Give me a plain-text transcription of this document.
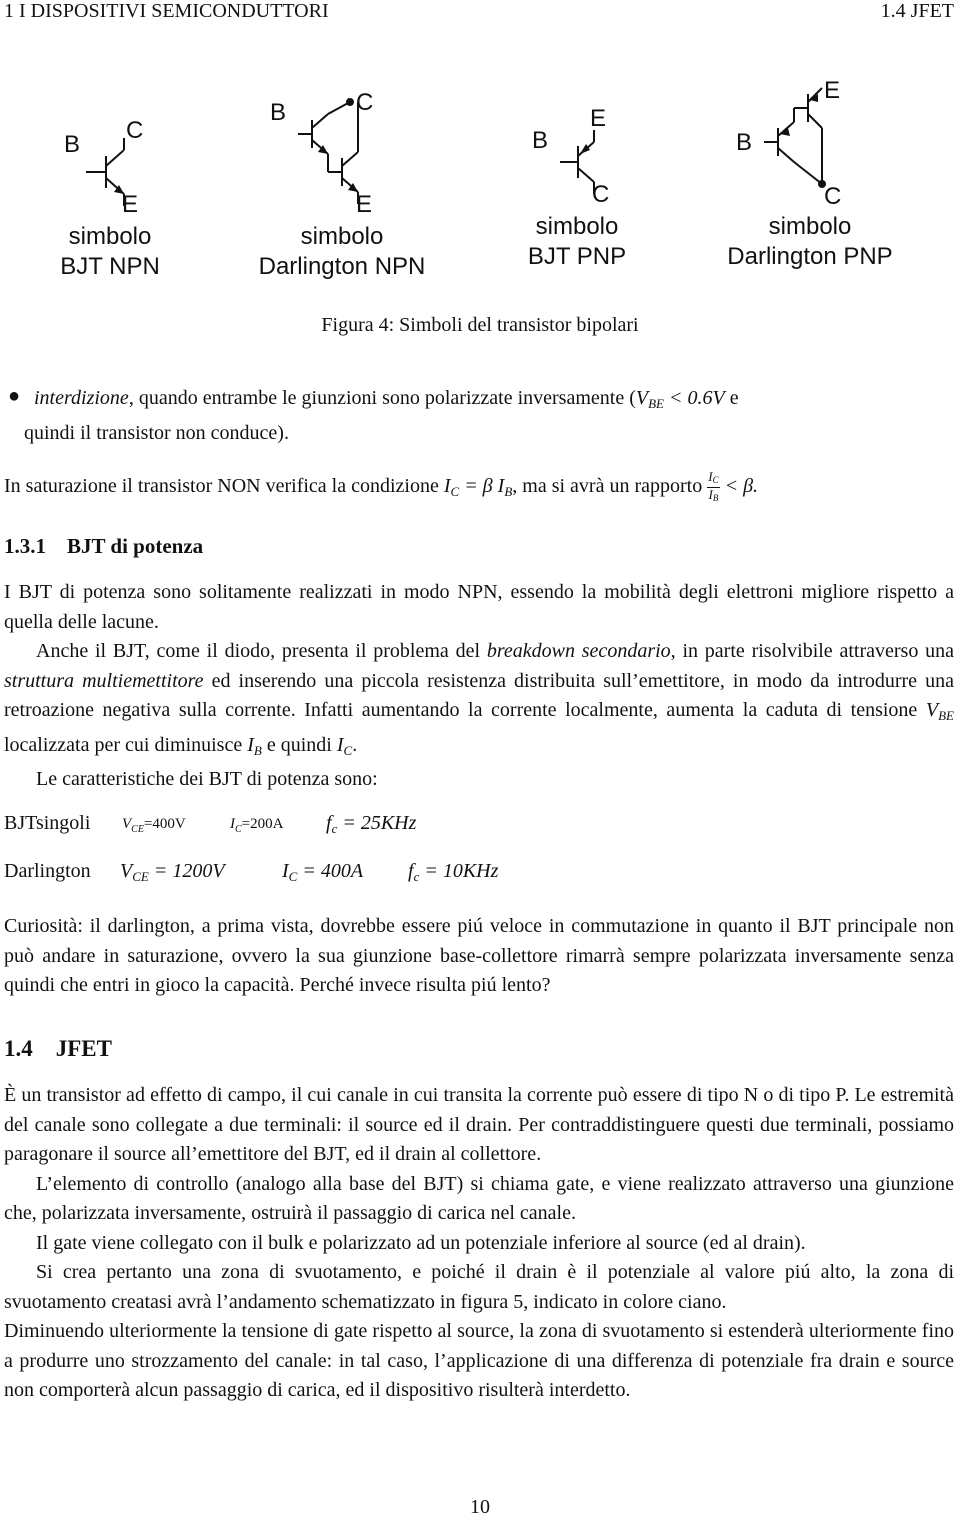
1 I DISPOSITIVI SEMICONDUTTORI	1.4 JFET
B
C
E
simbolo
BJT NPN
B	C
E
simbolo
Darlington NPN
B
E
C
simbolo
BJT PNP
B
E
C
simbolo
Darlington PNP
Figura 4: Simboli del transistor bipolari
● interdizione, quando entrambe le giunzioni sono polarizzate inversamente ($V_{BE} < 0.6V$ e

quindi il transistor non conduce).

In saturazione il transistor NON verifica la condizione $I_C = \beta$ $I_B$, ma si avrà un rapporto $\frac{I_C}{I_B} < \beta$.

1.3.1 BJT di potenza

I BJT di potenza sono solitamente realizzati in modo NPN, essendo la mobilità degli elettroni migliore rispetto a quella delle lacune.

Anche il BJT, come il diodo, presenta il problema del breakdown secondario, in parte risolvibile attraverso una struttura multiemettitore ed inserendo una piccola resistenza distribuita sull’emettitore, in modo da introdurre una retroazione negativa sulla corrente. Infatti aumentando la corrente localmente, aumenta la caduta di tensione $V_{BE}$ localizzata per cui diminuisce $I_B$ e quindi $I_C$.

Le caratteristiche dei BJT di potenza sono:

BJTsingoli $V_{CE}=400V$	$I_C=200A$ $f_c = 25KHz$
Darlington $V_{CE} = 1200V$	$I_C = 400A$ $f_c = 10KHz$

Curiosità: il darlington, a prima vista, dovrebbe essere piú veloce in commutazione in quanto il BJT principale non può andare in saturazione, ovvero la sua giunzione base-collettore rimarrà sempre polarizzata inversamente senza quindi che entri in gioco la capacità. Perché invece risulta piú lento?

1.4 JFET

È un transistor ad effetto di campo, il cui canale in cui transita la corrente può essere di tipo N o di tipo P. Le estremità del canale sono collegate a due terminali: il source ed il drain. Per contraddistinguere questi due terminali, possiamo paragonare il source all’emettitore del BJT, ed il drain al collettore.

L’elemento di controllo (analogo alla base del BJT) si chiama gate, e viene realizzato attraverso una giunzione che, polarizzata inversamente, ostruirà il passaggio di carica nel canale.

Il gate viene collegato con il bulk e polarizzato ad un potenziale inferiore al source (ed al drain).

Si crea pertanto una zona di svuotamento, e poiché il drain è il potenziale al valore piú alto, la zona di svuotamento creatasi avrà l’andamento schematizzato in figura 5, indicato in colore ciano.

Diminuendo ulteriormente la tensione di gate rispetto al source, la zona di svuotamento si estenderà ulteriormente fino a produrre uno strozzamento del canale: in tal caso, l’applicazione di una differenza di potenziale fra drain e source non comporterà alcun passaggio di carica, ed il dispositivo risulterà interdetto.

10
